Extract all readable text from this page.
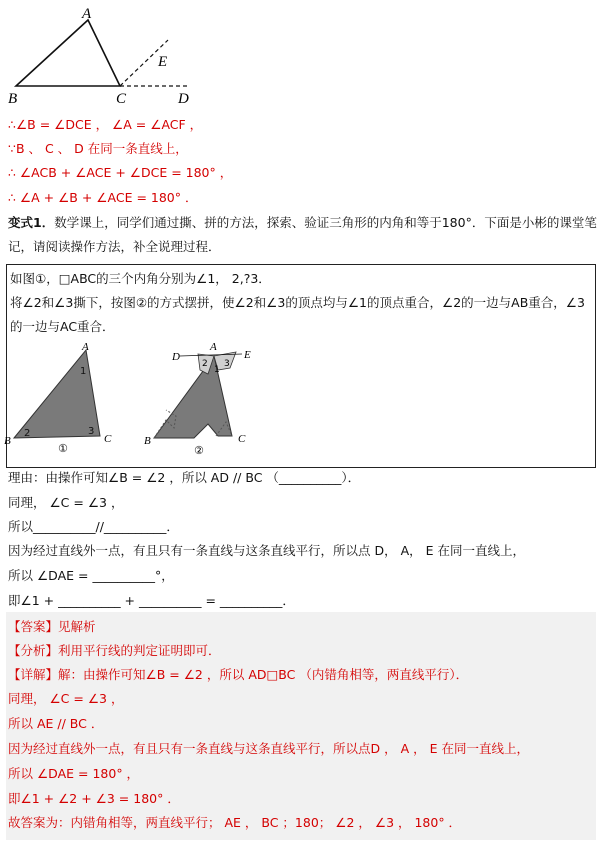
A
B	C	D
E
∴∠B = ∠DCE ， ∠A = ∠ACF ，
∵B 、 C 、 D 在同一条直线上，
∴ ∠ACB + ∠ACE + ∠DCE = 180° ，
∴ ∠A + ∠B + ∠ACE = 180° ．
变式1．数学课上，同学们通过撕、拼的方法，探索、验证三角形的内角和等于180°．下面是小彬的课堂笔
记，请阅读操作方法，补全说理过程．
如图①，□ABC的三个内角分别为∠1， 2,?3．
将∠2和∠3撕下，按图②的方式摆拼，使∠2和∠3的顶点均与∠1的顶点重合，∠2的一边与AB重合，∠3
的一边与AC重合．
A
B	C
1
2	3
①
A
D	E
B	C
2
1
3
②
理由：由操作可知∠B = ∠2 ，所以 AD // BC （__________）．
同理， ∠C = ∠3 ，
所以__________//__________．
因为经过直线外一点，有且只有一条直线与这条直线平行，所以点 D， A， E 在同一直线上，
所以 ∠DAE = __________°，
即∠1 + __________ + __________ = __________．
【答案】见解析
【分析】利用平行线的判定证明即可．
【详解】解：由操作可知∠B = ∠2 ，所以 AD□BC （内错角相等，两直线平行）．
同理， ∠C = ∠3 ，
所以 AE // BC ．
因为经过直线外一点，有且只有一条直线与这条直线平行，所以点D ， A ， E 在同一直线上，
所以 ∠DAE = 180° ，
即∠1 + ∠2 + ∠3 = 180° ．
故答案为：内错角相等，两直线平行； AE ， BC ；180； ∠2 ， ∠3 ， 180° ．
